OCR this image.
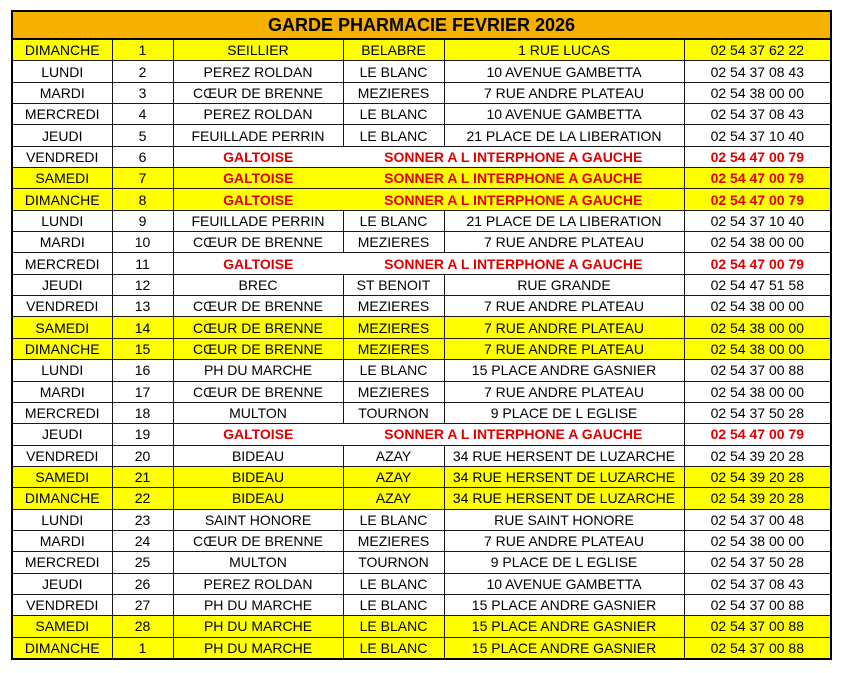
GARDE PHARMACIE FEVRIER 2026					
DIMANCHE	1	SEILLIER	BELABRE	1 RUE LUCAS	02 54 37 62 22
LUNDI	2	PEREZ ROLDAN	LE BLANC	10 AVENUE GAMBETTA	02 54 37 08 43
MARDI	3	CŒUR DE BRENNE	MEZIERES	7 RUE ANDRE PLATEAU	02 54 38 00 00
MERCREDI	4	PEREZ ROLDAN	LE BLANC	10 AVENUE GAMBETTA	02 54 37 08 43
JEUDI	5	FEUILLADE PERRIN	LE BLANC	21 PLACE DE LA LIBERATION	02 54 37 10 40
VENDREDI	6	GALTOISE	SONNER A L INTERPHONE A GAUCHE		02 54 47 00 79
SAMEDI	7	GALTOISE	SONNER A L INTERPHONE A GAUCHE		02 54 47 00 79
DIMANCHE	8	GALTOISE	SONNER A L INTERPHONE A GAUCHE		02 54 47 00 79
LUNDI	9	FEUILLADE PERRIN	LE BLANC	21 PLACE DE LA LIBERATION	02 54 37 10 40
MARDI	10	CŒUR DE BRENNE	MEZIERES	7 RUE ANDRE PLATEAU	02 54 38 00 00
MERCREDI	11	GALTOISE	SONNER A L INTERPHONE A GAUCHE		02 54 47 00 79
JEUDI	12	BREC	ST BENOIT	RUE GRANDE	02 54 47 51 58
VENDREDI	13	CŒUR DE BRENNE	MEZIERES	7 RUE ANDRE PLATEAU	02 54 38 00 00
SAMEDI	14	CŒUR DE BRENNE	MEZIERES	7 RUE ANDRE PLATEAU	02 54 38 00 00
DIMANCHE	15	CŒUR DE BRENNE	MEZIERES	7 RUE ANDRE PLATEAU	02 54 38 00 00
LUNDI	16	PH DU MARCHE	LE BLANC	15 PLACE ANDRE GASNIER	02 54 37 00 88
MARDI	17	CŒUR DE BRENNE	MEZIERES	7 RUE ANDRE PLATEAU	02 54 38 00 00
MERCREDI	18	MULTON	TOURNON	9 PLACE DE L EGLISE	02 54 37 50 28
JEUDI	19	GALTOISE	SONNER A L INTERPHONE A GAUCHE		02 54 47 00 79
VENDREDI	20	BIDEAU	AZAY	34 RUE HERSENT DE LUZARCHE	02 54 39 20 28
SAMEDI	21	BIDEAU	AZAY	34 RUE HERSENT DE LUZARCHE	02 54 39 20 28
DIMANCHE	22	BIDEAU	AZAY	34 RUE HERSENT DE LUZARCHE	02 54 39 20 28
LUNDI	23	SAINT HONORE	LE BLANC	RUE SAINT HONORE	02 54 37 00 48
MARDI	24	CŒUR DE BRENNE	MEZIERES	7 RUE ANDRE PLATEAU	02 54 38 00 00
MERCREDI	25	MULTON	TOURNON	9 PLACE DE L EGLISE	02 54 37 50 28
JEUDI	26	PEREZ ROLDAN	LE BLANC	10 AVENUE GAMBETTA	02 54 37 08 43
VENDREDI	27	PH DU MARCHE	LE BLANC	15 PLACE ANDRE GASNIER	02 54 37 00 88
SAMEDI	28	PH DU MARCHE	LE BLANC	15 PLACE ANDRE GASNIER	02 54 37 00 88
DIMANCHE	1	PH DU MARCHE	LE BLANC	15 PLACE ANDRE GASNIER	02 54 37 00 88
